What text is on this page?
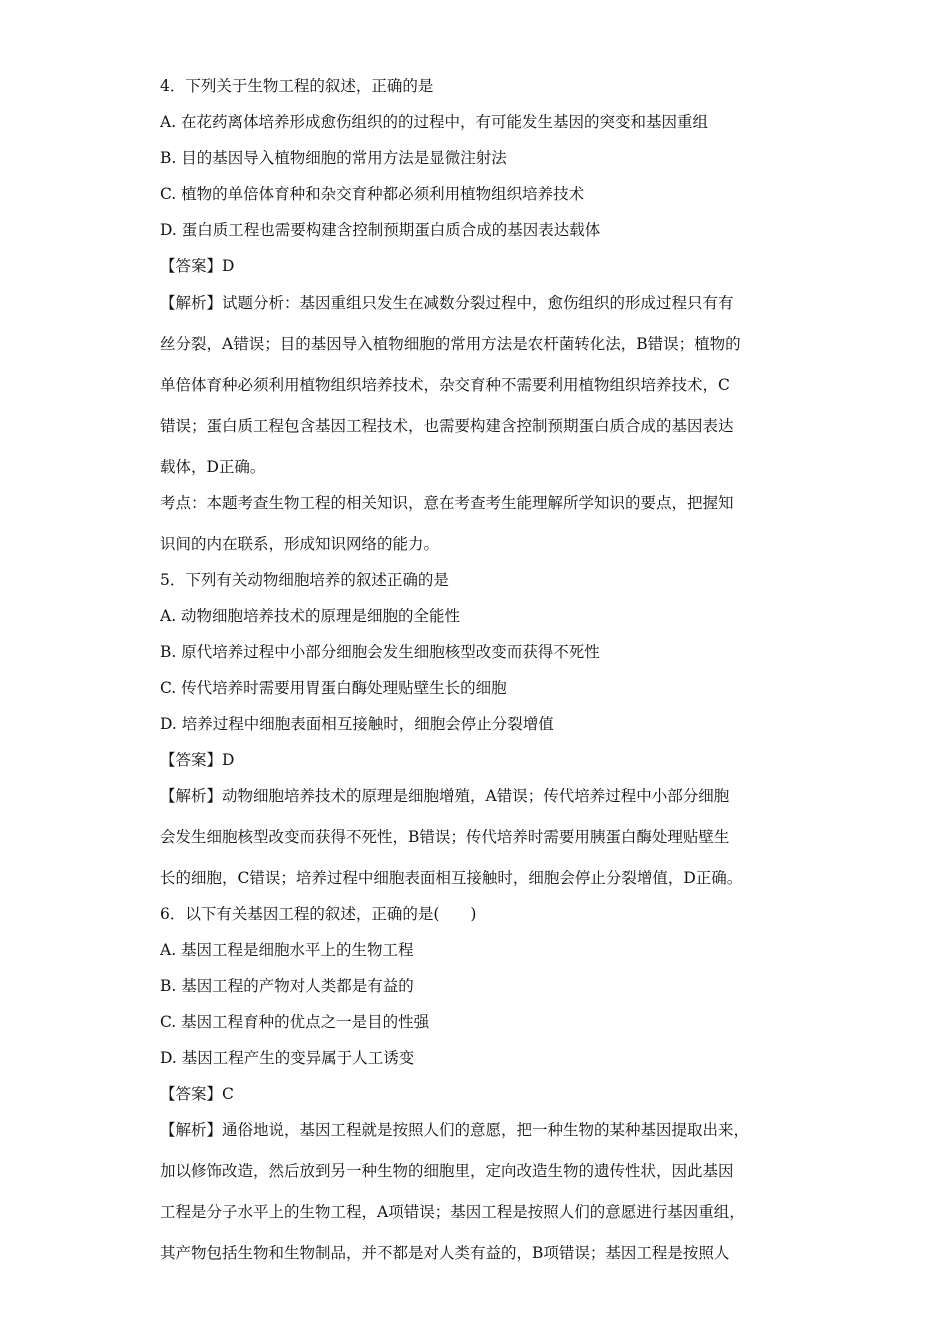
4．下列关于生物工程的叙述，正确的是
A. 在花药离体培养形成愈伤组织的的过程中，有可能发生基因的突变和基因重组
B. 目的基因导入植物细胞的常用方法是显微注射法
C. 植物的单倍体育种和杂交育种都必须利用植物组织培养技术
D. 蛋白质工程也需要构建含控制预期蛋白质合成的基因表达载体
【答案】D
【解析】试题分析：基因重组只发生在减数分裂过程中，愈伤组织的形成过程只有有
丝分裂，A错误；目的基因导入植物细胞的常用方法是农杆菌转化法，B错误；植物的
单倍体育种必须利用植物组织培养技术，杂交育种不需要利用植物组织培养技术，C
错误；蛋白质工程包含基因工程技术，也需要构建含控制预期蛋白质合成的基因表达
载体，D正确。
考点：本题考查生物工程的相关知识，意在考查考生能理解所学知识的要点，把握知
识间的内在联系，形成知识网络的能力。
5．下列有关动物细胞培养的叙述正确的是
A. 动物细胞培养技术的原理是细胞的全能性
B. 原代培养过程中小部分细胞会发生细胞核型改变而获得不死性
C. 传代培养时需要用胃蛋白酶处理贴壁生长的细胞
D. 培养过程中细胞表面相互接触时，细胞会停止分裂增值
【答案】D
【解析】动物细胞培养技术的原理是细胞增殖，A错误；传代培养过程中小部分细胞
会发生细胞核型改变而获得不死性，B错误；传代培养时需要用胰蛋白酶处理贴壁生
长的细胞，C错误；培养过程中细胞表面相互接触时，细胞会停止分裂增值，D正确。
6．以下有关基因工程的叙述，正确的是(　　)
A. 基因工程是细胞水平上的生物工程
B. 基因工程的产物对人类都是有益的
C. 基因工程育种的优点之一是目的性强
D. 基因工程产生的变异属于人工诱变
【答案】C
【解析】通俗地说，基因工程就是按照人们的意愿，把一种生物的某种基因提取出来，
加以修饰改造，然后放到另一种生物的细胞里，定向改造生物的遗传性状，因此基因
工程是分子水平上的生物工程，A项错误；基因工程是按照人们的意愿进行基因重组，
其产物包括生物和生物制品，并不都是对人类有益的，B项错误；基因工程是按照人
